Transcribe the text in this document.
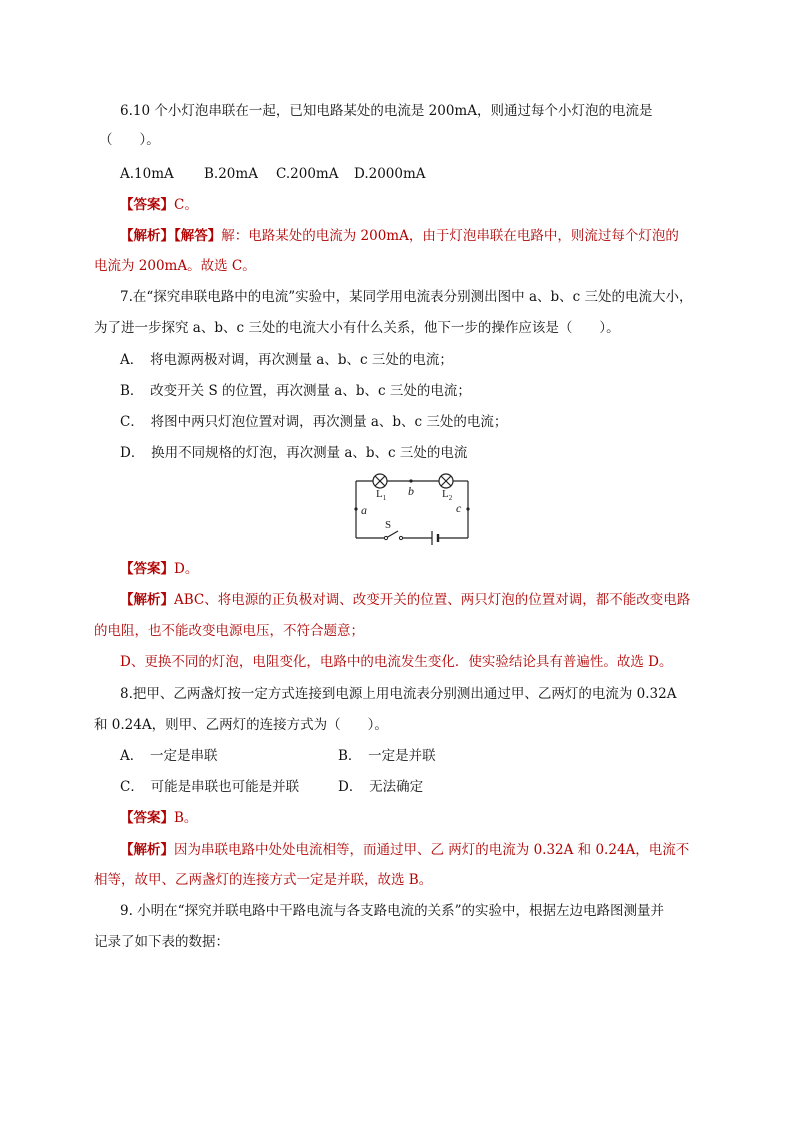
6.10 个小灯泡串联在一起，已知电路某处的电流是 200mA，则通过每个小灯泡的电流是
（　　）。
A.10mA B.20mA C.200mA D.2000mA
【答案】C。
【解析】【解答】解：电路某处的电流为 200mA，由于灯泡串联在电路中，则流过每个灯泡的
电流为 200mA。故选 C。
7.在“探究串联电路中的电流”实验中，某同学用电流表分别测出图中 a、b、c 三处的电流大小，
为了进一步探究 a、b、c 三处的电流大小有什么关系，他下一步的操作应该是（　　）。
A．　将电源两极对调，再次测量 a、b、c 三处的电流；
B．　改变开关 S 的位置，再次测量 a、b、c 三处的电流；
C．　将图中两只灯泡位置对调，再次测量 a、b、c 三处的电流；
D．　换用不同规格的灯泡，再次测量 a、b、c 三处的电流
$L_1$	$L_2$
b
a	c
S
【答案】D。
【解析】ABC、将电源的正负极对调、改变开关的位置、两只灯泡的位置对调，都不能改变电路
的电阻，也不能改变电源电压，不符合题意；
D、更换不同的灯泡，电阻变化，电路中的电流发生变化．使实验结论具有普遍性。故选 D。
8.把甲、乙两盏灯按一定方式连接到电源上用电流表分别测出通过甲、乙两灯的电流为 0.32A
和 0.24A，则甲、乙两灯的连接方式为（　　）。
A．　一定是串联	B．　一定是并联
C．　可能是串联也可能是并联	D．　无法确定
【答案】B。
【解析】因为串联电路中处处电流相等，而通过甲、乙 两灯的电流为 0.32A 和 0.24A，电流不
相等，故甲、乙两盏灯的连接方式一定是并联，故选 B。
9. 小明在“探究并联电路中干路电流与各支路电流的关系”的实验中，根据左边电路图测量并
记录了如下表的数据：
